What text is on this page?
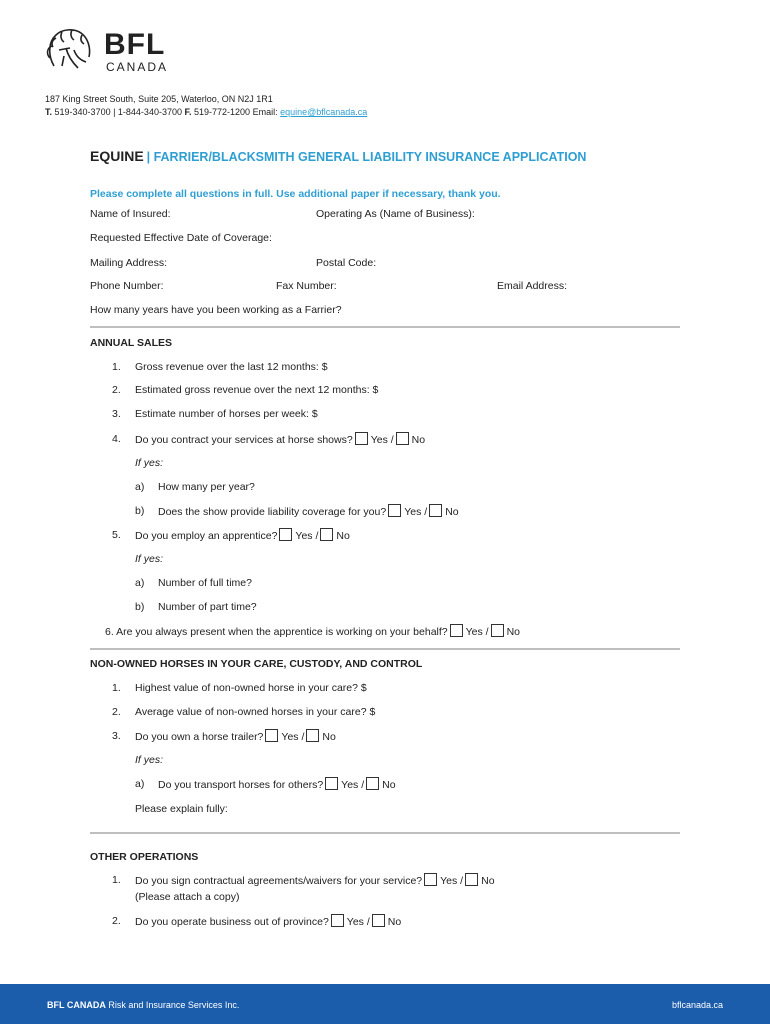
BFL
CANADA
187 King Street South, Suite 205, Waterloo, ON N2J 1R1
T. 519-340-3700 | 1-844-340-3700 F. 519-772-1200 Email: equine@bflcanada.ca
EQUINE | FARRIER/BLACKSMITH GENERAL LIABILITY INSURANCE APPLICATION
Please complete all questions in full. Use additional paper if necessary, thank you.
Name of Insured:	Operating As (Name of Business):
Requested Effective Date of Coverage:
Mailing Address:	Postal Code:
Phone Number:	Fax Number:	Email Address:
How many years have you been working as a Farrier?
ANNUAL SALES
1. Gross revenue over the last 12 months: $
2. Estimated gross revenue over the next 12 months: $
3. Estimate number of horses per week: $
4. Do you contract your services at horse shows? Yes / No
If yes:
a) How many per year?
b) Does the show provide liability coverage for you? Yes / No
5. Do you employ an apprentice? Yes / No
If yes:
a) Number of full time?
b) Number of part time?
6. Are you always present when the apprentice is working on your behalf? Yes / No
NON-OWNED HORSES IN YOUR CARE, CUSTODY, AND CONTROL
1. Highest value of non-owned horse in your care? $
2. Average value of non-owned horses in your care? $
3. Do you own a horse trailer? Yes / No
If yes:
a) Do you transport horses for others? Yes / No
Please explain fully:
OTHER OPERATIONS
1. Do you sign contractual agreements/waivers for your service? Yes / No
(Please attach a copy)
2. Do you operate business out of province? Yes / No
BFL CANADA Risk and Insurance Services Inc.	bflcanada.ca
